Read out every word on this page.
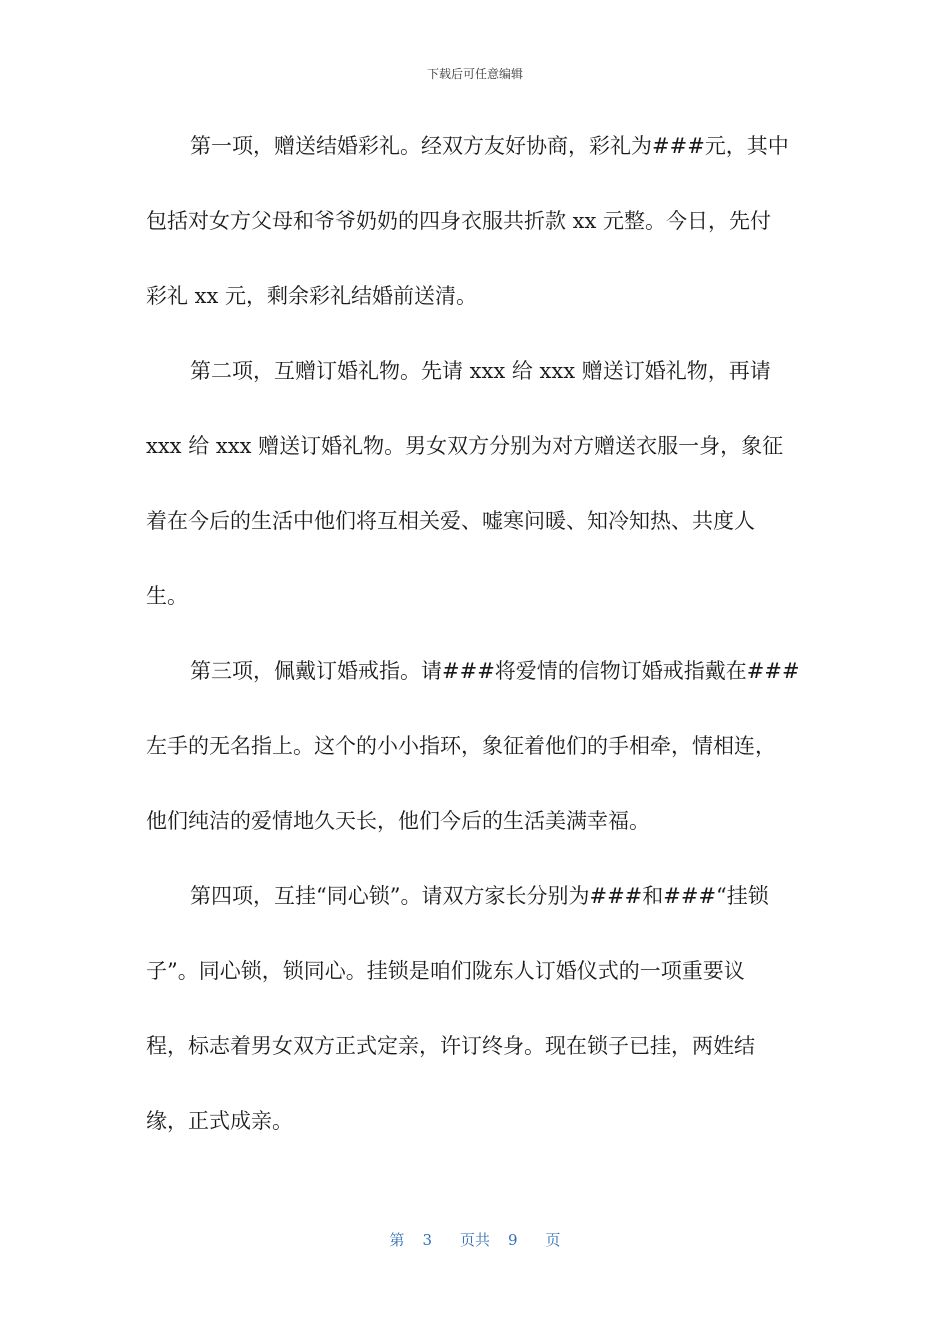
下载后可任意编辑
第一项，赠送结婚彩礼。经双方友好协商，彩礼为###元，其中
包括对女方父母和爷爷奶奶的四身衣服共折款 xx 元整。今日，先付
彩礼 xx 元，剩余彩礼结婚前送清。
第二项，互赠订婚礼物。先请 xxx 给 xxx 赠送订婚礼物，再请
xxx 给 xxx 赠送订婚礼物。男女双方分别为对方赠送衣服一身，象征
着在今后的生活中他们将互相关爱、嘘寒问暖、知冷知热、共度人
生。
第三项，佩戴订婚戒指。请###将爱情的信物订婚戒指戴在###
左手的无名指上。这个的小小指环，象征着他们的手相牵，情相连，
他们纯洁的爱情地久天长，他们今后的生活美满幸福。
第四项，互挂“同心锁”。请双方家长分别为###和###“挂锁
子”。同心锁，锁同心。挂锁是咱们陇东人订婚仪式的一项重要议
程，标志着男女双方正式定亲，许订终身。现在锁子已挂，两姓结
缘，正式成亲。
第 3 页共 9 页
